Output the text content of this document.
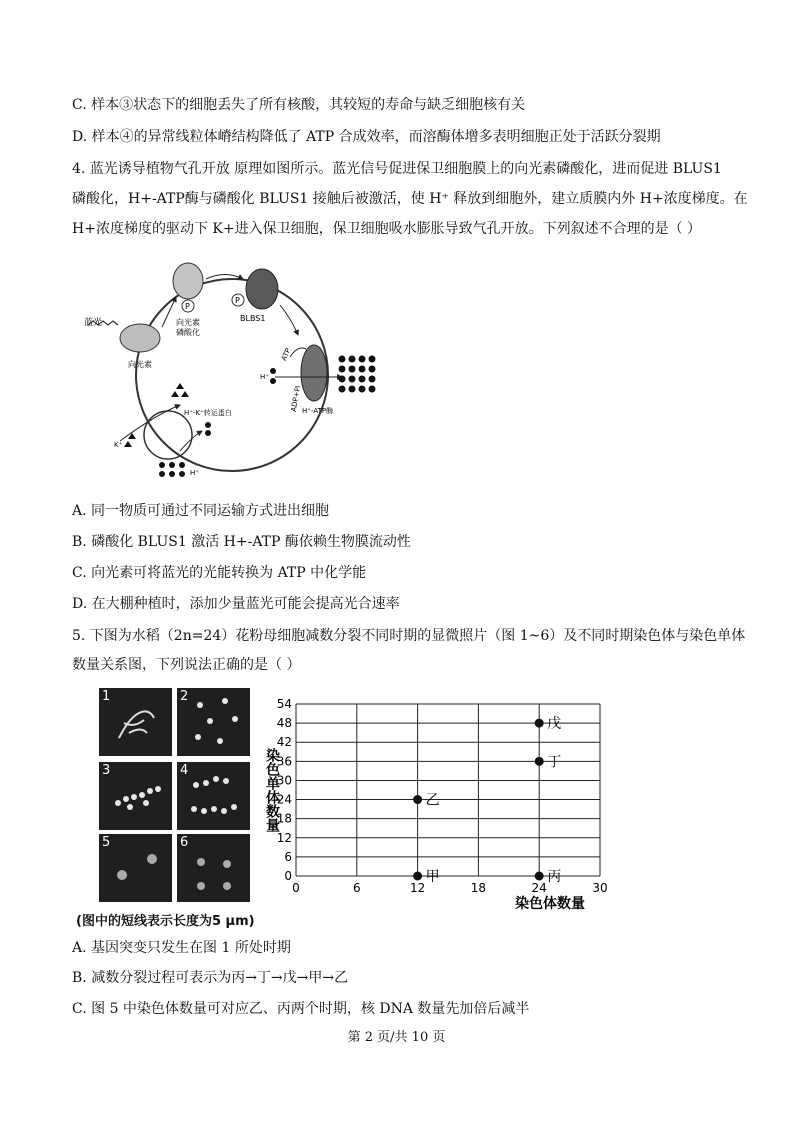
C. 样本③状态下的细胞丢失了所有核酸，其较短的寿命与缺乏细胞核有关
D. 样本④的异常线粒体嵴结构降低了 ATP 合成效率，而溶酶体增多表明细胞正处于活跃分裂期
4. 蓝光诱导植物气孔开放 原理如图所示。蓝光信号促进保卫细胞膜上的向光素磷酸化，进而促进 BLUS1
磷酸化，H+-ATP酶与磷酸化 BLUS1 接触后被激活，使 H⁺ 释放到细胞外，建立质膜内外 H+浓度梯度。在
H+浓度梯度的驱动下 K+进入保卫细胞，保卫细胞吸水膨胀导致气孔开放。下列叙述不合理的是（ ）
蓝光
向光素
P
向光素
磷酸化
P
BLBS1
ATP
ADP+Pi
H⁺
H⁺-ATP酶
H⁺-K⁺转运蛋白
K⁺
H⁺
A. 同一物质可通过不同运输方式进出细胞
B. 磷酸化 BLUS1 激活 H+-ATP 酶依赖生物膜流动性
C. 向光素可将蓝光的光能转换为 ATP 中化学能
D. 在大棚种植时，添加少量蓝光可能会提高光合速率
5. 下图为水稻（2n=24）花粉母细胞减数分裂不同时期的显微照片（图 1~6）及不同时期染色体与染色单体
数量关系图，下列说法正确的是（ ）
1	2
3	4
5	6
(图中的短线表示长度为5 μm)
0	6	12	18	24	30
0
6
12
18
24
30
36
42
48
54
甲
乙
丙
丁
戊
染色体数量
染色单体数量
A. 基因突变只发生在图 1 所处时期
B. 减数分裂过程可表示为丙→丁→戊→甲→乙
C. 图 5 中染色体数量可对应乙、丙两个时期，核 DNA 数量先加倍后减半
第 2 页/共 10 页
